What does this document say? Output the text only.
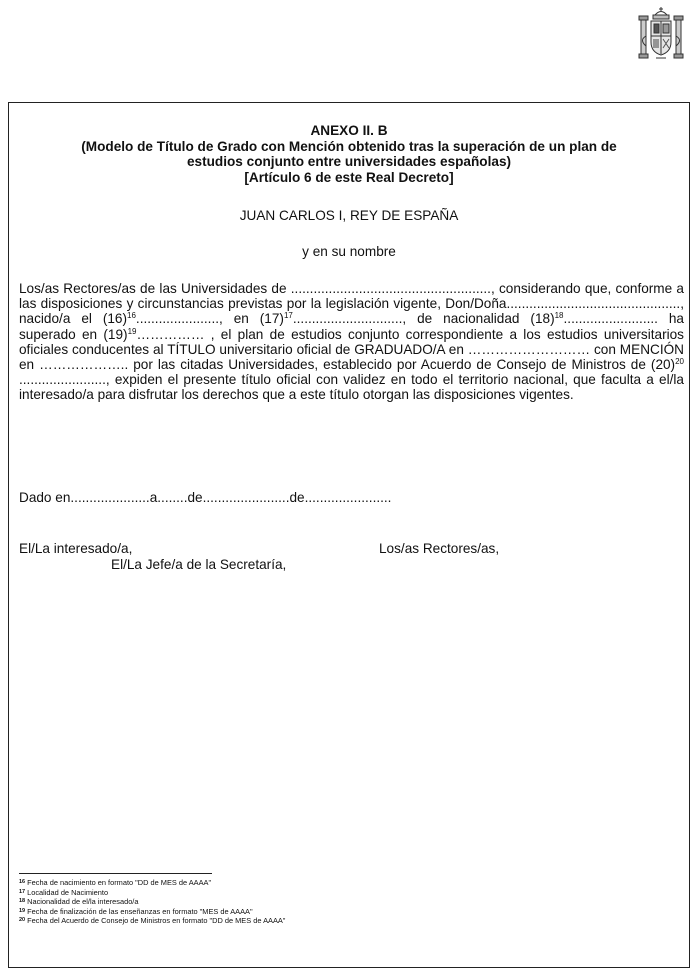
ANEXO II. B
(Modelo de Título de Grado con Mención obtenido tras la superación de un plan de
estudios conjunto entre universidades españolas)
[Artículo 6 de este Real Decreto]
JUAN CARLOS I, REY DE ESPAÑA
y en su nombre
Los/as Rectores/as de las Universidades de ....................................................., considerando que, conforme a las disposiciones y circunstancias previstas por la legislación vigente, Don/Doña.............................................., nacido/a el $(16)^{16}$......................, en $(17)^{17}$............................., de nacionalidad $(18)^{18}$......................... ha superado en $(19)^{19}\dots\dots\dots\dots\dots$ , el plan de estudios conjunto correspondiente a los estudios universitarios oficiales conducentes al TÍTULO universitario oficial de GRADUADO/A en ……………………… con MENCIÓN en ……………….. por las citadas Universidades, establecido por Acuerdo de Consejo de Ministros de $(20)^{20}$ ......................., expiden el presente título oficial con validez en todo el territorio nacional, que faculta a el/la interesado/a para disfrutar los derechos que a este título otorgan las disposiciones vigentes.
Dado en.....................a........de.......................de.......................
El/La interesado/a,	Los/as Rectores/as,
El/La Jefe/a de la Secretaría,
$^{16}$ Fecha de nacimiento en formato "DD de MES de AAAA"
$^{17}$ Localidad de Nacimiento
$^{18}$ Nacionalidad de el/la interesado/a
$^{19}$ Fecha de finalización de las enseñanzas en formato "MES de AAAA"
$^{20}$ Fecha del Acuerdo de Consejo de Ministros en formato "DD de MES de AAAA"
